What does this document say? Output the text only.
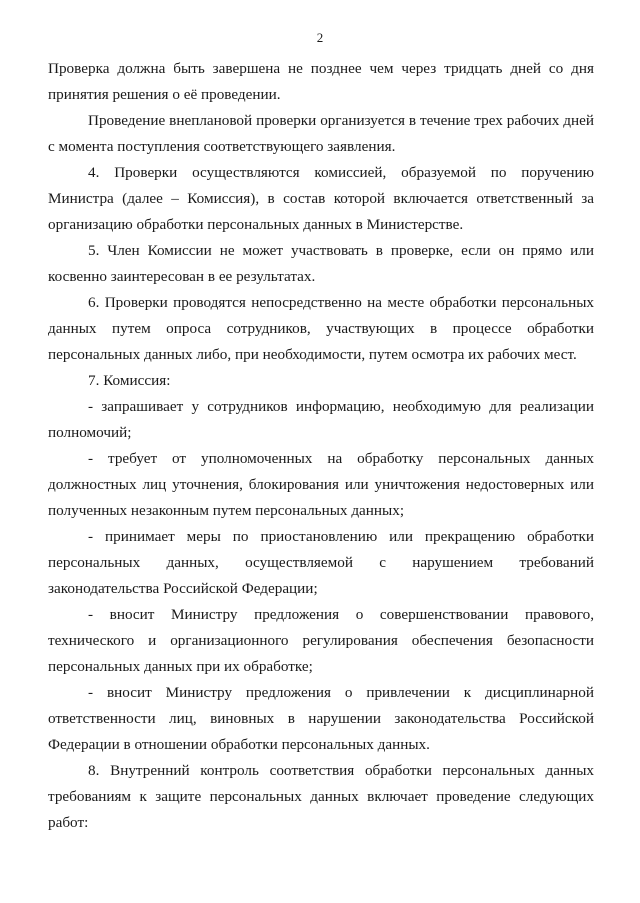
2

Проверка должна быть завершена не позднее чем через тридцать дней со дня принятия решения о её проведении.

Проведение внеплановой проверки организуется в течение трех рабочих дней с момента поступления соответствующего заявления.

4. Проверки осуществляются комиссией, образуемой по поручению Министра (далее – Комиссия), в состав которой включается ответственный за организацию обработки персональных данных в Министерстве.

5. Член Комиссии не может участвовать в проверке, если он прямо или косвенно заинтересован в ее результатах.

6. Проверки проводятся непосредственно на месте обработки персональных данных путем опроса сотрудников, участвующих в процессе обработки персональных данных либо, при необходимости, путем осмотра их рабочих мест.

7. Комиссия:

- запрашивает у сотрудников информацию, необходимую для реализации полномочий;

- требует от уполномоченных на обработку персональных данных должностных лиц уточнения, блокирования или уничтожения недостоверных или полученных незаконным путем персональных данных;

- принимает меры по приостановлению или прекращению обработки персональных данных, осуществляемой с нарушением требований законодательства Российской Федерации;

- вносит Министру предложения о совершенствовании правового, технического и организационного регулирования обеспечения безопасности персональных данных при их обработке;

- вносит Министру предложения о привлечении к дисциплинарной ответственности лиц, виновных в нарушении законодательства Российской Федерации в отношении обработки персональных данных.

8. Внутренний контроль соответствия обработки персональных данных требованиям к защите персональных данных включает проведение следующих работ:
